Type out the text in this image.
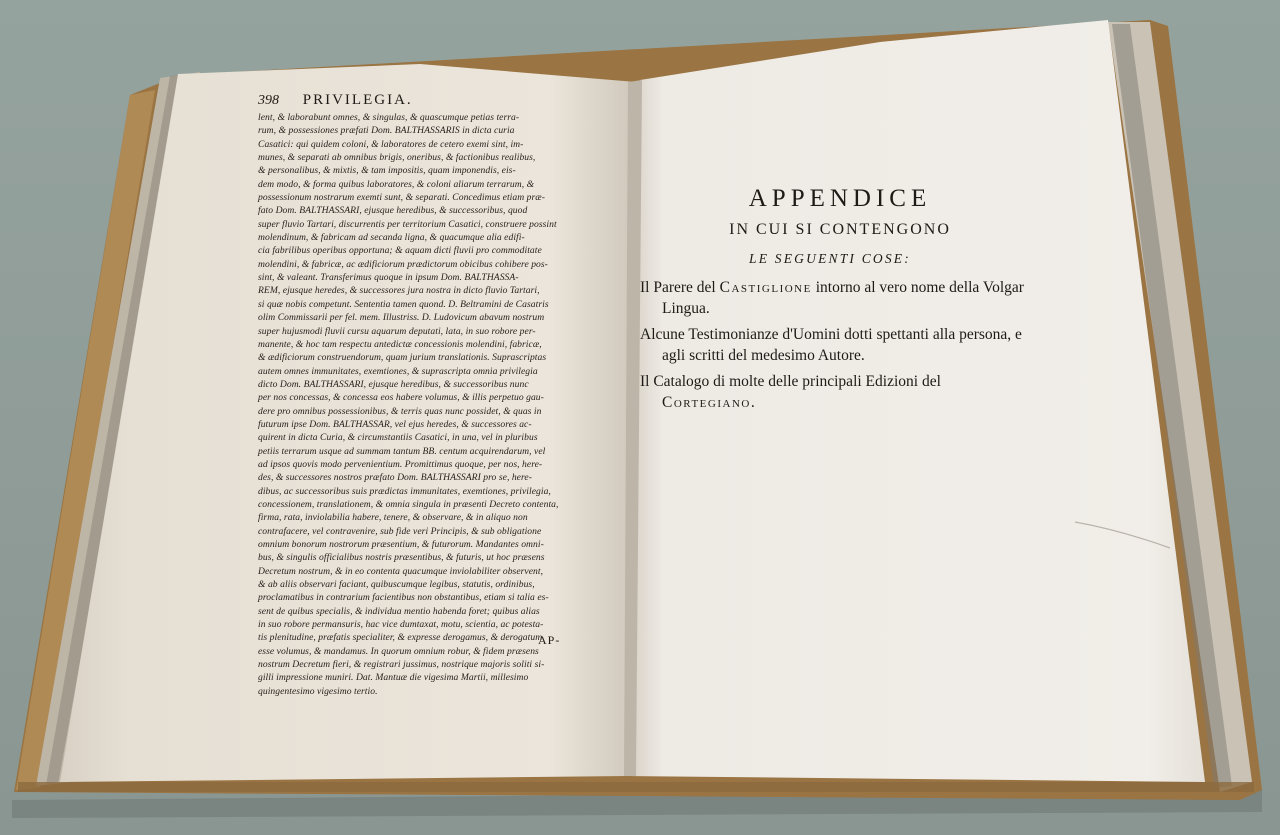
398 PRIVILEGIA.
lent, & laborabunt omnes, & singulas, & quascumque petias terra-
rum, & possessiones præfati Dom. BALTHASSARIS in dicta curia
Casatici: qui quidem coloni, & laboratores de cetero exemi sint, im-
munes, & separati ab omnibus brigis, oneribus, & factionibus realibus,
& personalibus, & mixtis, & tam impositis, quam imponendis, eis-
dem modo, & forma quibus laboratores, & coloni aliarum terrarum, &
possessionum nostrarum exemti sunt, & separati. Concedimus etiam præ-
fato Dom. BALTHASSARI, ejusque heredibus, & successoribus, quod
super fluvio Tartari, discurrentis per territorium Casatici, construere possint
molendinum, & fabricam ad secanda ligna, & quacumque alia edifi-
cia fabrilibus operibus opportuna; & aquam dicti fluvii pro commoditate
molendini, & fabricæ, ac ædificiorum prædictorum obicibus cohibere pos-
sint, & valeant. Transferimus quoque in ipsum Dom. BALTHASSA-
REM, ejusque heredes, & successores jura nostra in dicto fluvio Tartari,
si quæ nobis competunt. Sententia tamen quond. D. Beltramini de Casatris
olim Commissarii per fel. mem. Illustriss. D. Ludovicum abavum nostrum
super hujusmodi fluvii cursu aquarum deputati, lata, in suo robore per-
manente, & hoc tam respectu antedictæ concessionis molendini, fabricæ,
& ædificiorum construendorum, quam jurium translationis. Suprascriptas
autem omnes immunitates, exemtiones, & suprascripta omnia privilegia
dicto Dom. BALTHASSARI, ejusque heredibus, & successoribus nunc
per nos concessas, & concessa eos habere volumus, & illis perpetuo gau-
dere pro omnibus possessionibus, & terris quas nunc possidet, & quas in
futurum ipse Dom. BALTHASSAR, vel ejus heredes, & successores ac-
quirent in dicta Curia, & circumstantiis Casatici, in una, vel in pluribus
petiis terrarum usque ad summam tantum BB. centum acquirendarum, vel
ad ipsos quovis modo pervenientium. Promittimus quoque, per nos, here-
des, & successores nostros præfato Dom. BALTHASSARI pro se, here-
dibus, ac successoribus suis prædictas immunitates, exemtiones, privilegia,
concessionem, translationem, & omnia singula in præsenti Decreto contenta,
firma, rata, inviolabilia habere, tenere, & observare, & in aliquo non
contrafacere, vel contravenire, sub fide veri Principis, & sub obligatione
omnium bonorum nostrorum præsentium, & futurorum. Mandantes omni-
bus, & singulis officialibus nostris præsentibus, & futuris, ut hoc præsens
Decretum nostrum, & in eo contenta quacumque inviolabiliter observent,
& ab aliis observari faciant, quibuscumque legibus, statutis, ordinibus,
proclamatibus in contrarium facientibus non obstantibus, etiam si talia es-
sent de quibus specialis, & individua mentio habenda foret; quibus alias
in suo robore permansuris, hac vice dumtaxat, motu, scientia, ac potesta-
tis plenitudine, præfatis specialiter, & expresse derogamus, & derogatum
esse volumus, & mandamus. In quorum omnium robur, & fidem præsens
nostrum Decretum fieri, & registrari jussimus, nostrique majoris soliti si-
gilli impressione muniri. Dat. Mantuæ die vigesima Martii, millesimo
quingentesimo vigesimo tertio.
AP-
APPENDICE
IN CUI SI CONTENGONO
LE SEGUENTI COSE:
Il Parere del Castiglione intorno al vero nome della Volgar Lingua.
Alcune Testimonianze d'Uomini dotti spettanti alla persona, e agli scritti del medesimo Autore.
Il Catalogo di molte delle principali Edizioni del Cortegiano.
